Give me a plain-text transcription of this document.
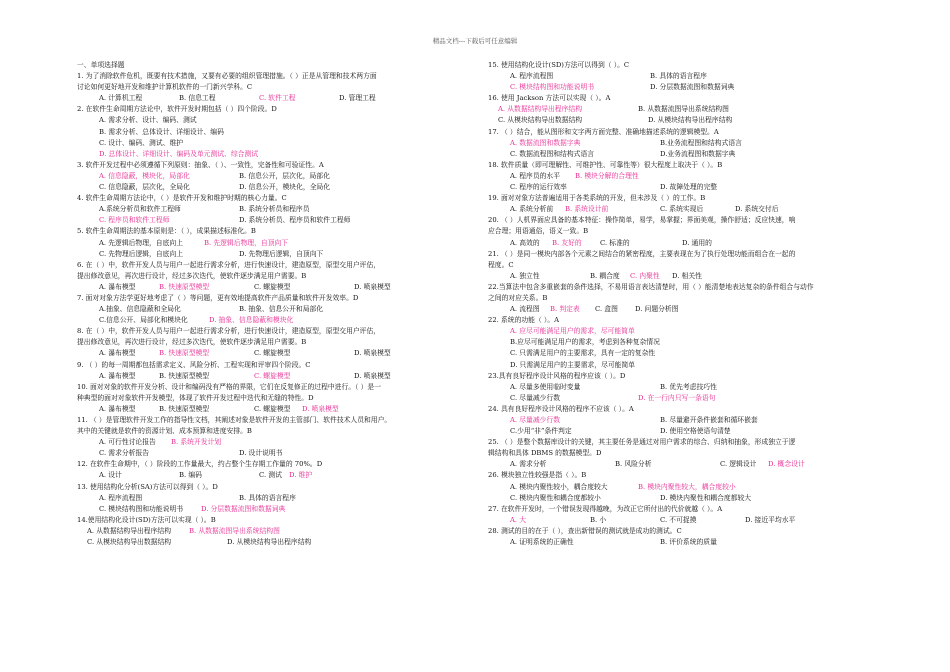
精品文档---下载后可任意编辑
一、单项选择题
1. 为了消除软件危机，既要有技术措施，又要有必要的组织管理措施。（ ）正是从管理和技术两方面
讨论如何更好地开发和维护计算机软件的一门新兴学科。C
A. 计算机工程	B. 信息工程	C. 软件工程	D. 管理工程
2. 在软件生命周期方法论中，软件开发时期包括（ ）四个阶段。D
A. 需求分析、设计、编码、测试
B. 需求分析、总体设计、详细设计、编码
C. 设计、编码、测试、维护
D. 总体设计、详细设计、编码及单元测试、综合测试
3. 软件开发过程中必须遵循下列原则：抽象、（ ）、一致性，完备性和可验证性。A
A. 信息隐蔽，模块化，局部化	B. 信息公开，层次化，局部化
C. 信息隐蔽，层次化，全局化	D. 信息公开，模块化，全局化
4. 软件生命周期方法论中，（ ）是软件开发和维护时期的核心力量。C
A.系统分析员和软件工程师	B. 系统分析员和程序员
C. 程序员和软件工程师	D. 系统分析员、程序员和软件工程师
5. 软件生命周期法的基本原则是：（ ），成果描述标准化。B
A. 先逻辑后物理，自底向上	B. 先逻辑后物理，自顶向下
C. 先物理后逻辑，自底向上	D. 先物理后逻辑，自顶向下
6. 在（ ）中，软件开发人员与用户一起进行需求分析，进行快速设计，建造原型，原型交用户评估，
提出修改意见，再次进行设计，经过多次迭代，使软件逐步满足用户需要。B
A. 瀑布模型	B. 快速原型模型	C. 螺旋模型	D. 喷泉模型
7. 面对对象方法学更好地考虑了（ ）等问题，更有效地提高软件产品质量和软件开发效率。D
A.抽象、信息隐蔽和全局化	B. 抽象、信息公开和局部化
C.信息公开、局部化和模块化	D. 抽象、信息隐蔽和模块化
8. 在（ ）中，软件开发人员与用户一起进行需求分析，进行快速设计，建造原型，原型交用户评估，
提出修改意见，再次进行设计，经过多次迭代，使软件逐步满足用户需要。B
A. 瀑布模型	B. 快速原型模型	C. 螺旋模型	D. 喷泉模型
9. （ ）的每一周期都包括需求定义、风险分析、工程实现和评审四个阶段。C
A. 瀑布模型	B. 快速原型模型	C. 螺旋模型	D. 喷泉模型
10. 面对对象的软件开发分析、设计和编码没有严格的界限，它们在反复修正的过程中进行。（ ）是一
种典型的面对对象软件开发模型，体现了软件开发过程中迭代和无缝的特性。D
A. 瀑布模型	B. 快速原型模型	C. 螺旋模型 D. 喷泉模型
11. （ ）是管理软件开发工作的指导性文档，其阐述对象是软件开发的主管部门、软件技术人员和用户。
其中的关键就是软件的资源计划、成本预算和进度安排。B
A. 可行性讨论报告 B. 系统开发计划
C. 需求分析报告	D. 设计说明书
12. 在软件生命期中，（ ）阶段的工作量最大，约占整个生存期工作量的 70%。D
A. 设计	B. 编码	C. 测试 D. 维护
13. 使用结构化分析(SA)方法可以得到（ ）。D
A. 程序流程图	B. 具体的语言程序
C. 模块结构图和功能说明书	D. 分层数据流图和数据词典
14.使用结构化设计(SD)方法可以实现（ ）。B
A. 从数据结构导出程序结构	B. 从数据流图导出系统结构图
C. 从模块结构导出数据结构	D. 从模块结构导出程序结构
15. 使用结构化设计(SD)方法可以得到（ ）。C
A. 程序流程图	B. 具体的语言程序
C. 模块结构图和功能说明书	D. 分层数据流图和数据词典
16. 使用 Jackson 方法可以实现（ ）。A
A. 从数据结构导出程序结构	B. 从数据流图导出系统结构图
C. 从模块结构导出数据结构	D. 从模块结构导出程序结构
17. （ ）结合，能从图形和文字两方面完整、准确地描述系统的逻辑模型。A
A. 数据流图和数据字典	B.业务流程图和结构式语言
C. 数据流程图和结构式语言	D.业务流程图和数据字典
18. 软件质量（即可理解性、可维护性、可靠性等）很大程度上取决于（ ）。B
A. 程序员的水平 B. 模块分解的合理性
C. 程序的运行效率	D. 故障处理的完整
19. 面对对象方法普遍适用于各类系统的开发，但未涉及（ ）的工作。B
A. 系统分析前 B. 系统设计前	C. 系统实现后	D. 系统交付后
20. （ ）人机界面应具备的基本特征：操作简单，易学，易掌握；界面美观，操作舒适；反应快速，响
应合理；用语通俗，语义一致。B
A. 高效的 B. 友好的	C. 标准的	D. 通用的
21. （ ）是同一模块内部各个元素之间结合的紧密程度，主要表现在为了执行处理功能而组合在一起的
程度。C
A. 独立性	B. 耦合度 C. 内聚性 D. 相关性
22.当算法中包含多重嵌套的条件选择，不易用语言表达清楚时，用（ ）能清楚地表达复杂的条件组合与动作
之间的对应关系。B
A. 流程图 B. 判定表 C. 盒图	D. 问题分析图
22. 系统的功能（ ）。A
A. 应尽可能满足用户的需求，尽可能简单
B.应尽可能满足用户的需求，考虑到各种复杂情况
C. 只需满足用户的主要需求，具有一定的复杂性
D. 只需满足用户的主要需求，尽可能简单
23.具有良好程序设计风格的程序应该（ ）。D
A. 尽量多使用临时变量	B. 优先考虑技巧性
C. 尽量减少行数	D. 在一行内只写一条语句
24. 具有良好程序设计风格的程序不应该（ ）。A
A. 尽量减少行数	B. 尽量避开条件嵌套和循环嵌套
C.少用“非”条件判定	D. 使用空格使语句清楚
25. （ ）是整个数据库设计的关键，其主要任务是通过对用户需求的综合、归纳和抽象，形成独立于逻
辑结构和具体 DBMS 的数据模型。D
A. 需求分析	B. 风险分析	C. 逻辑设计 D. 概念设计
26. 模块独立性较强是指（ ）。B
A. 模块内聚性较小，耦合度较大	B. 模块内聚性较大，耦合度较小
C. 模块内聚性和耦合度都较小	D. 模块内聚性和耦合度都较大
27. 在软件开发时，一个错误发现得越晚，为改正它所付出的代价就越（ ）。A
A. 大	B. 小	C. 不可捉摸	D. 接近平均水平
28. 测试的目的在于（ ），查出新错误的测试就是成功的测试。C
A. 证明系统的正确性	B. 评价系统的质量
